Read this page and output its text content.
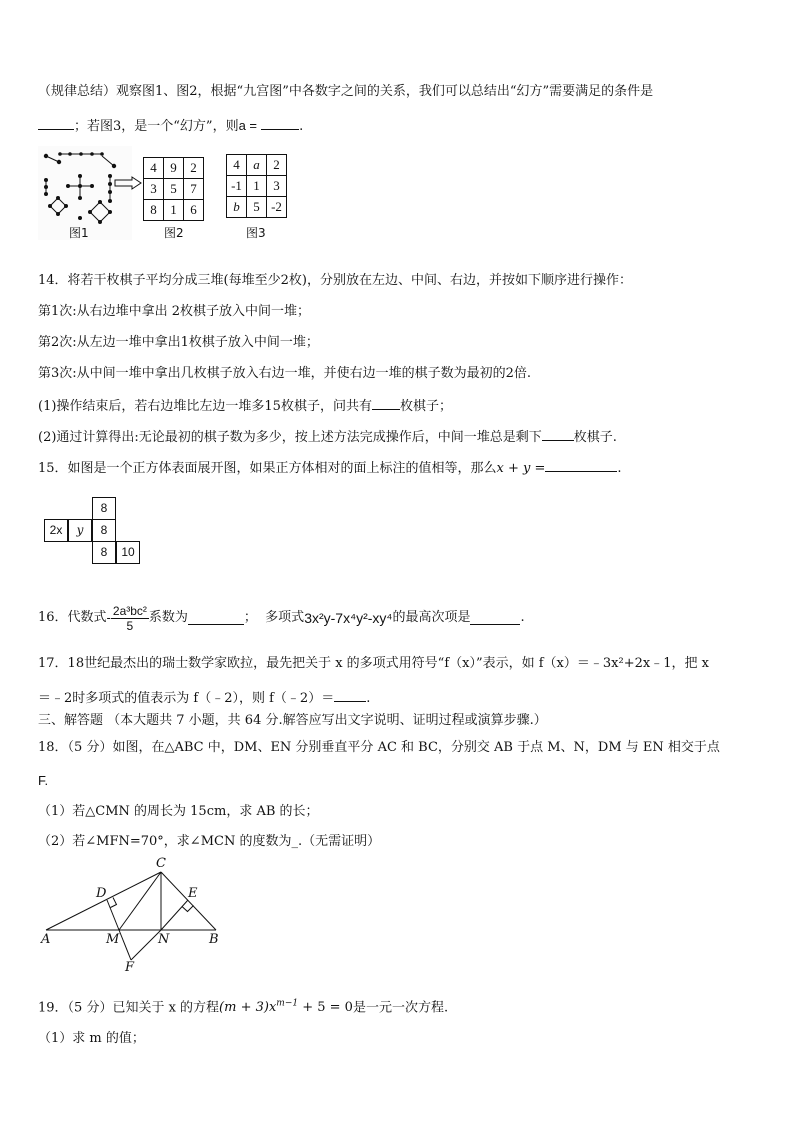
（规律总结）观察图1、图2，根据“九宫图”中各数字之间的关系，我们可以总结出“幻方”需要满足的条件是
；若图3，是一个“幻方”，则a =	.
图1
4	9	2
3	5	7
8	1	6
图2
4	a	2
-1	1	3
b	5	-2
图3
14．将若干枚棋子平均分成三堆(每堆至少2枚)，分别放在左边、中间、右边，并按如下顺序进行操作：
第1次:从右边堆中拿出 2枚棋子放入中间一堆；
第2次:从左边一堆中拿出1枚棋子放入中间一堆；
第3次:从中间一堆中拿出几枚棋子放入右边一堆，并使右边一堆的棋子数为最初的2倍.
(1)操作结束后，若右边堆比左边一堆多15枚棋子，问共有 枚棋子；
(2)通过计算得出:无论最初的棋子数为多少，按上述方法完成操作后，中间一堆总是剩下 枚棋子.
15．如图是一个正方体表面展开图，如果正方体相对的面上标注的值相等，那么x + y =	.
8
2x	y	8
8	10
16．代数式 - $\frac{\text{2a³bc²}}{5}$ 系数为	；  多项式 3x²y-7x⁴y²-xy⁴ 的最高次项是	.
17．18世纪最杰出的瑞士数学家欧拉，最先把关于 x 的多项式用符号“f（x）”表示，如 f（x）＝﹣3x²+2x﹣1，把 x
＝﹣2时多项式的值表示为 f（﹣2），则 f（﹣2）＝ .
三、解答题 （本大题共 7 小题，共 64 分.解答应写出文字说明、证明过程或演算步骤.）
18．（5 分）如图，在△ABC 中，DM、EN 分别垂直平分 AC 和 BC，分别交 AB 于点 M、N，DM 与 EN 相交于点
F.
（1）若△CMN 的周长为 15cm，求 AB 的长；
（2）若∠MFN=70°，求∠MCN 的度数为_.（无需证明）
A	B
C
D	E
M	N
F
19．（5 分）已知关于 x 的方程$(m + 3)x^{m-1} + 5 = 0$是一元一次方程.
（1）求 m 的值；
